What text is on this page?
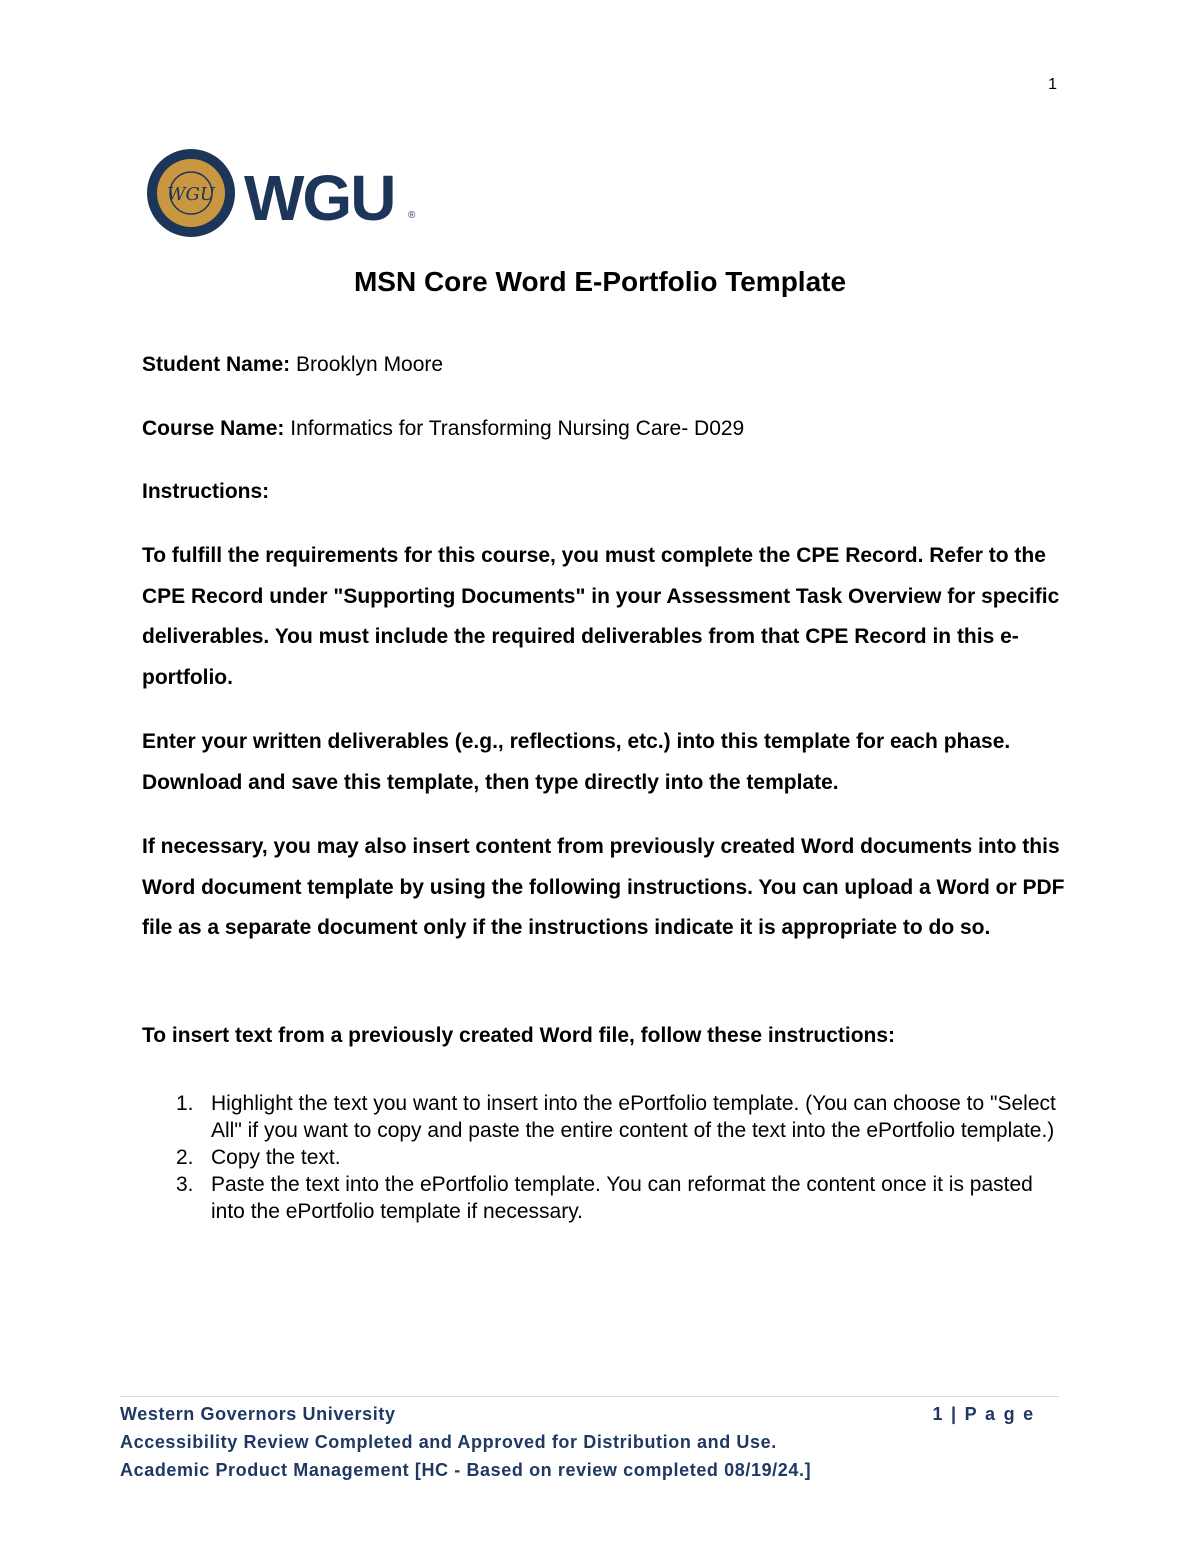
1
WGU WGU ®
MSN Core Word E-Portfolio Template
Student Name: Brooklyn Moore
Course Name: Informatics for Transforming Nursing Care- D029
Instructions:
To fulfill the requirements for this course, you must complete the CPE Record. Refer to the CPE Record under "Supporting Documents" in your Assessment Task Overview for specific deliverables. You must include the required deliverables from that CPE Record in this e-portfolio.
Enter your written deliverables (e.g., reflections, etc.) into this template for each phase. Download and save this template, then type directly into the template.
If necessary, you may also insert content from previously created Word documents into this Word document template by using the following instructions. You can upload a Word or PDF file as a separate document only if the instructions indicate it is appropriate to do so.
To insert text from a previously created Word file, follow these instructions:
1. Highlight the text you want to insert into the ePortfolio template. (You can choose to "Select All" if you want to copy and paste the entire content of the text into the ePortfolio template.)
2. Copy the text.
3. Paste the text into the ePortfolio template. You can reformat the content once it is pasted into the ePortfolio template if necessary.
Western Governors University	1 | P a g e
Accessibility Review Completed and Approved for Distribution and Use.
Academic Product Management [HC - Based on review completed 08/19/24.]
